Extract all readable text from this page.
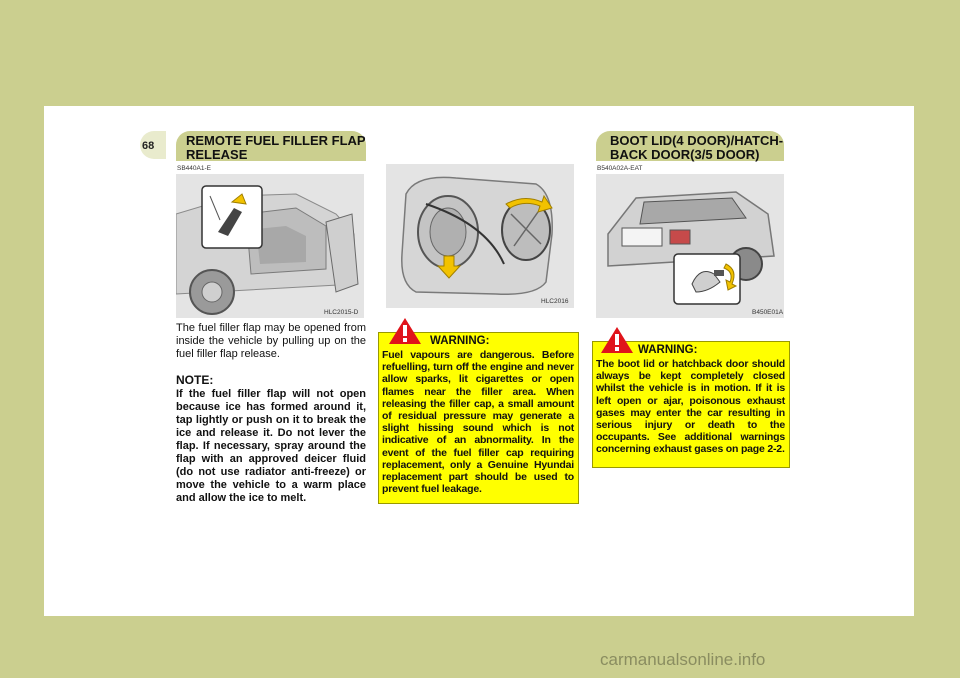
1 CONTROLS AND EQUIPMENT
68 REMOTE FUEL FILLER FLAP
RELEASE
SB440A1-E
HLC2015-D
The fuel filler flap may be opened from inside the vehicle by pulling up on the fuel filler flap release.
NOTE:
If the fuel filler flap will not open because ice has formed around it, tap lightly or push on it to break the ice and release it. Do not lever the flap. If necessary, spray around the flap with an approved deicer fluid (do not use radiator anti-freeze) or move the vehicle to a warm place and allow the ice to melt.
HLC2016
WARNING:
Fuel vapours are dangerous. Before refuelling, turn off the engine and never allow sparks, lit cigarettes or open flames near the filler area. When releasing the filler cap, a small amount of residual pressure may generate a slight hissing sound which is not indicative of an abnormality. In the event of the fuel filler cap requiring replacement, only a Genuine Hyundai replacement part should be used to prevent fuel leakage.
BOOT LID(4 DOOR)/HATCH-
BACK DOOR(3/5 DOOR)
B540A02A-EAT
B450E01A
WARNING:
The boot lid or hatchback door should always be kept completely closed whilst the vehicle is in motion. If it is left open or ajar, poisonous exhaust gases may enter the car resulting in serious injury or death to the occupants. See additional warnings concerning exhaust gases on page 2-2.
carmanualsonline.info
